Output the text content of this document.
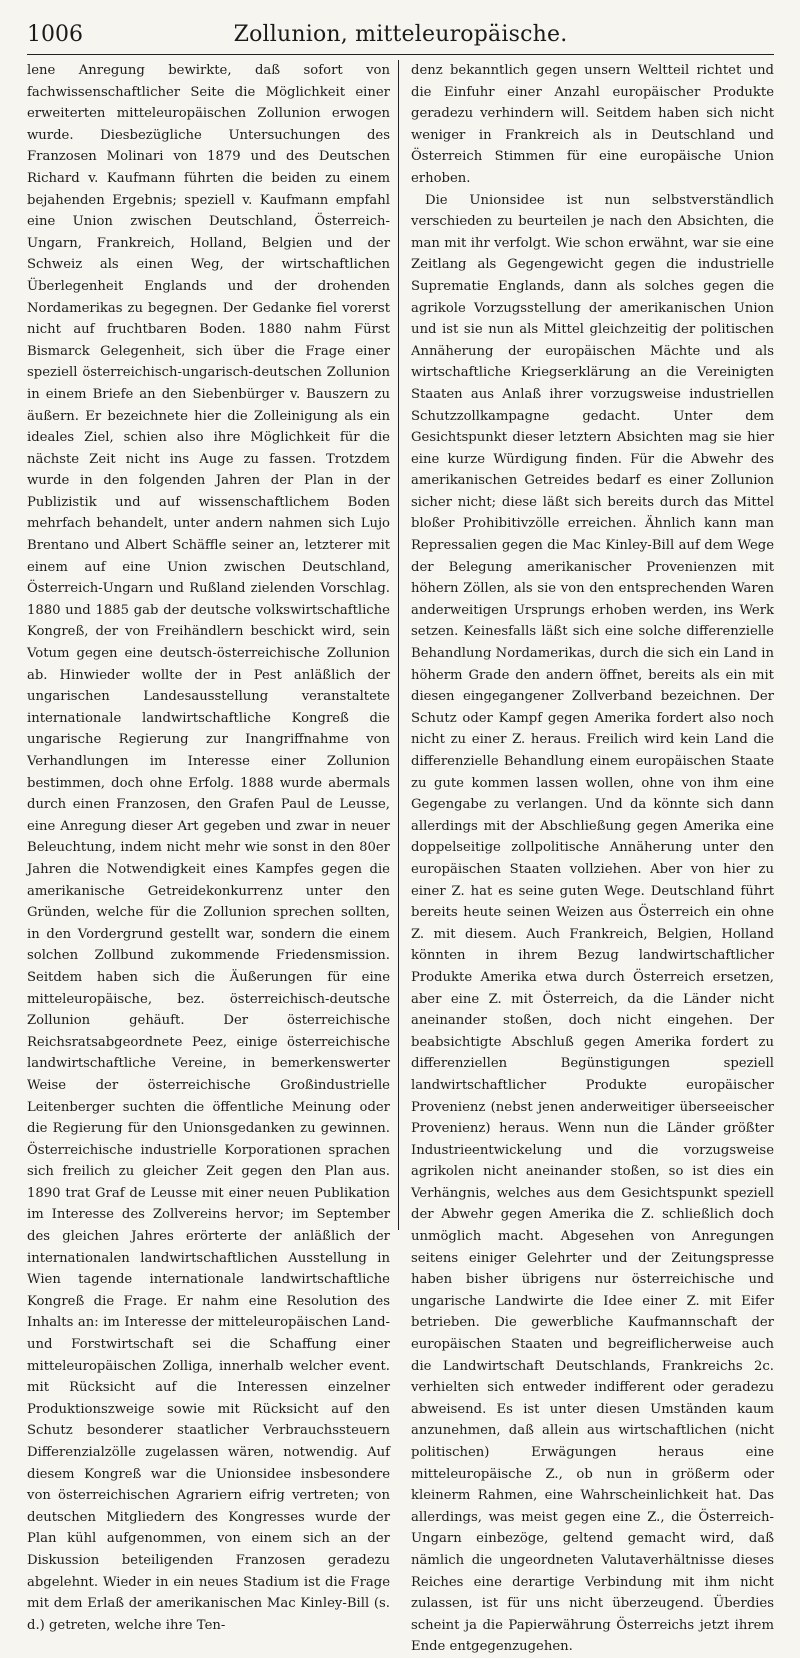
1006	Zollunion, mitteleuropäische.

lene Anregung bewirkte, daß sofort von fachwissenschaftlicher Seite die Möglichkeit einer erweiterten mitteleuropäischen Zollunion erwogen wurde. Diesbezügliche Untersuchungen des Franzosen Molinari von 1879 und des Deutschen Richard v. Kaufmann führten die beiden zu einem bejahenden Ergebnis; speziell v. Kaufmann empfahl eine Union zwischen Deutschland, Österreich-Ungarn, Frankreich, Holland, Belgien und der Schweiz als einen Weg, der wirtschaftlichen Überlegenheit Englands und der drohenden Nordamerikas zu begegnen. Der Gedanke fiel vorerst nicht auf fruchtbaren Boden. 1880 nahm Fürst Bismarck Gelegenheit, sich über die Frage einer speziell österreichisch-ungarisch-deutschen Zollunion in einem Briefe an den Siebenbürger v. Bauszern zu äußern. Er bezeichnete hier die Zolleinigung als ein ideales Ziel, schien also ihre Möglichkeit für die nächste Zeit nicht ins Auge zu fassen. Trotzdem wurde in den folgenden Jahren der Plan in der Publizistik und auf wissenschaftlichem Boden mehrfach behandelt, unter andern nahmen sich Lujo Brentano und Albert Schäffle seiner an, letzterer mit einem auf eine Union zwischen Deutschland, Österreich-Ungarn und Rußland zielenden Vorschlag. 1880 und 1885 gab der deutsche volkswirtschaftliche Kongreß, der von Freihändlern beschickt wird, sein Votum gegen eine deutsch-österreichische Zollunion ab. Hinwieder wollte der in Pest anläßlich der ungarischen Landesausstellung veranstaltete internationale landwirtschaftliche Kongreß die ungarische Regierung zur Inangriffnahme von Verhandlungen im Interesse einer Zollunion bestimmen, doch ohne Erfolg. 1888 wurde abermals durch einen Franzosen, den Grafen Paul de Leusse, eine Anregung dieser Art gegeben und zwar in neuer Beleuchtung, indem nicht mehr wie sonst in den 80er Jahren die Notwendigkeit eines Kampfes gegen die amerikanische Getreidekonkurrenz unter den Gründen, welche für die Zollunion sprechen sollten, in den Vordergrund gestellt war, sondern die einem solchen Zollbund zukommende Friedensmission. Seitdem haben sich die Äußerungen für eine mitteleuropäische, bez. österreichisch-deutsche Zollunion gehäuft. Der österreichische Reichsratsabgeordnete Peez, einige österreichische landwirtschaftliche Vereine, in bemerkenswerter Weise der österreichische Großindustrielle Leitenberger suchten die öffentliche Meinung oder die Regierung für den Unionsgedanken zu gewinnen. Österreichische industrielle Korporationen sprachen sich freilich zu gleicher Zeit gegen den Plan aus. 1890 trat Graf de Leusse mit einer neuen Publikation im Interesse des Zollvereins hervor; im September des gleichen Jahres erörterte der anläßlich der internationalen landwirtschaftlichen Ausstellung in Wien tagende internationale landwirtschaftliche Kongreß die Frage. Er nahm eine Resolution des Inhalts an: im Interesse der mitteleuropäischen Land- und Forstwirtschaft sei die Schaffung einer mitteleuropäischen Zolliga, innerhalb welcher event. mit Rücksicht auf die Interessen einzelner Produktionszweige sowie mit Rücksicht auf den Schutz besonderer staatlicher Verbrauchssteuern Differenzialzölle zugelassen wären, notwendig. Auf diesem Kongreß war die Unionsidee insbesondere von österreichischen Agrariern eifrig vertreten; von deutschen Mitgliedern des Kongresses wurde der Plan kühl aufgenommen, von einem sich an der Diskussion beteiligenden Franzosen geradezu abgelehnt. Wieder in ein neues Stadium ist die Frage mit dem Erlaß der amerikanischen Mac Kinley-Bill (s. d.) getreten, welche ihre Ten-

denz bekanntlich gegen unsern Weltteil richtet und die Einfuhr einer Anzahl europäischer Produkte geradezu verhindern will. Seitdem haben sich nicht weniger in Frankreich als in Deutschland und Österreich Stimmen für eine europäische Union erhoben.

Die Unionsidee ist nun selbstverständlich verschieden zu beurteilen je nach den Absichten, die man mit ihr verfolgt. Wie schon erwähnt, war sie eine Zeitlang als Gegengewicht gegen die industrielle Suprematie Englands, dann als solches gegen die agrikole Vorzugsstellung der amerikanischen Union und ist sie nun als Mittel gleichzeitig der politischen Annäherung der europäischen Mächte und als wirtschaftliche Kriegserklärung an die Vereinigten Staaten aus Anlaß ihrer vorzugsweise industriellen Schutzzollkampagne gedacht. Unter dem Gesichtspunkt dieser letztern Absichten mag sie hier eine kurze Würdigung finden. Für die Abwehr des amerikanischen Getreides bedarf es einer Zollunion sicher nicht; diese läßt sich bereits durch das Mittel bloßer Prohibitivzölle erreichen. Ähnlich kann man Repressalien gegen die Mac Kinley-Bill auf dem Wege der Belegung amerikanischer Provenienzen mit höhern Zöllen, als sie von den entsprechenden Waren anderweitigen Ursprungs erhoben werden, ins Werk setzen. Keinesfalls läßt sich eine solche differenzielle Behandlung Nordamerikas, durch die sich ein Land in höherm Grade den andern öffnet, bereits als ein mit diesen eingegangener Zollverband bezeichnen. Der Schutz oder Kampf gegen Amerika fordert also noch nicht zu einer Z. heraus. Freilich wird kein Land die differenzielle Behandlung einem europäischen Staate zu gute kommen lassen wollen, ohne von ihm eine Gegengabe zu verlangen. Und da könnte sich dann allerdings mit der Abschließung gegen Amerika eine doppelseitige zollpolitische Annäherung unter den europäischen Staaten vollziehen. Aber von hier zu einer Z. hat es seine guten Wege. Deutschland führt bereits heute seinen Weizen aus Österreich ein ohne Z. mit diesem. Auch Frankreich, Belgien, Holland könnten in ihrem Bezug landwirtschaftlicher Produkte Amerika etwa durch Österreich ersetzen, aber eine Z. mit Österreich, da die Länder nicht aneinander stoßen, doch nicht eingehen. Der beabsichtigte Abschluß gegen Amerika fordert zu differenziellen Begünstigungen speziell landwirtschaftlicher Produkte europäischer Provenienz (nebst jenen anderweitiger überseeischer Provenienz) heraus. Wenn nun die Länder größter Industrieentwickelung und die vorzugsweise agrikolen nicht aneinander stoßen, so ist dies ein Verhängnis, welches aus dem Gesichtspunkt speziell der Abwehr gegen Amerika die Z. schließlich doch unmöglich macht. Abgesehen von Anregungen seitens einiger Gelehrter und der Zeitungspresse haben bisher übrigens nur österreichische und ungarische Landwirte die Idee einer Z. mit Eifer betrieben. Die gewerbliche Kaufmannschaft der europäischen Staaten und begreiflicherweise auch die Landwirtschaft Deutschlands, Frankreichs 2c. verhielten sich entweder indifferent oder geradezu abweisend. Es ist unter diesen Umständen kaum anzunehmen, daß allein aus wirtschaftlichen (nicht politischen) Erwägungen heraus eine mitteleuropäische Z., ob nun in größerm oder kleinerm Rahmen, eine Wahrscheinlichkeit hat. Das allerdings, was meist gegen eine Z., die Österreich-Ungarn einbezöge, geltend gemacht wird, daß nämlich die ungeordneten Valutaverhältnisse dieses Reiches eine derartige Verbindung mit ihm nicht zulassen, ist für uns nicht überzeugend. Überdies scheint ja die Papierwährung Österreichs jetzt ihrem Ende entgegenzugehen.
